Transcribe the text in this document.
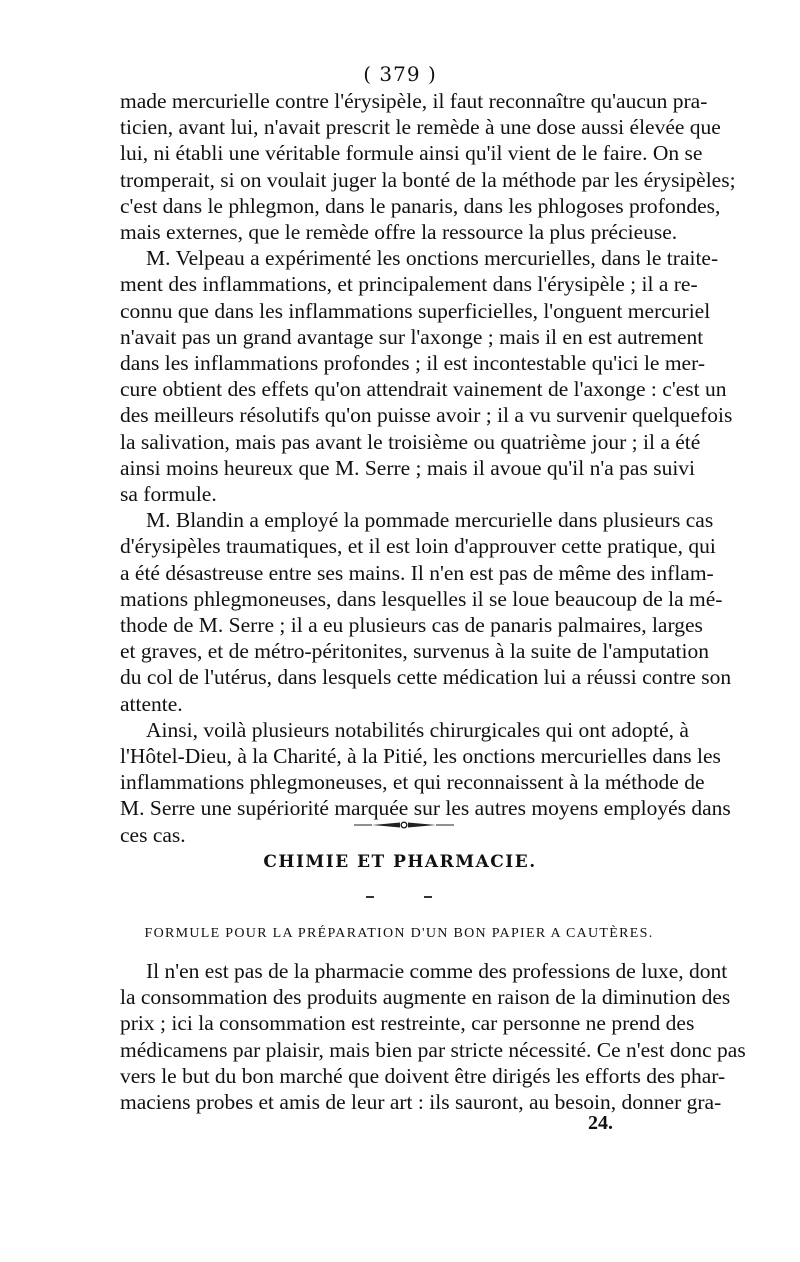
( 379 )
made mercurielle contre l'érysipèle, il faut reconnaître qu'aucun pra-
ticien, avant lui, n'avait prescrit le remède à une dose aussi élevée que
lui, ni établi une véritable formule ainsi qu'il vient de le faire. On se
tromperait, si on voulait juger la bonté de la méthode par les érysipèles;
c'est dans le phlegmon, dans le panaris, dans les phlogoses profondes,
mais externes, que le remède offre la ressource la plus précieuse.
M. Velpeau a expérimenté les onctions mercurielles, dans le traite-
ment des inflammations, et principalement dans l'érysipèle ; il a re-
connu que dans les inflammations superficielles, l'onguent mercuriel
n'avait pas un grand avantage sur l'axonge ; mais il en est autrement
dans les inflammations profondes ; il est incontestable qu'ici le mer-
cure obtient des effets qu'on attendrait vainement de l'axonge : c'est un
des meilleurs résolutifs qu'on puisse avoir ; il a vu survenir quelquefois
la salivation, mais pas avant le troisième ou quatrième jour ; il a été
ainsi moins heureux que M. Serre ; mais il avoue qu'il n'a pas suivi
sa formule.
M. Blandin a employé la pommade mercurielle dans plusieurs cas
d'érysipèles traumatiques, et il est loin d'approuver cette pratique, qui
a été désastreuse entre ses mains. Il n'en est pas de même des inflam-
mations phlegmoneuses, dans lesquelles il se loue beaucoup de la mé-
thode de M. Serre ; il a eu plusieurs cas de panaris palmaires, larges
et graves, et de métro-péritonites, survenus à la suite de l'amputation
du col de l'utérus, dans lesquels cette médication lui a réussi contre son
attente.
Ainsi, voilà plusieurs notabilités chirurgicales qui ont adopté, à
l'Hôtel-Dieu, à la Charité, à la Pitié, les onctions mercurielles dans les
inflammations phlegmoneuses, et qui reconnaissent à la méthode de
M. Serre une supériorité marquée sur les autres moyens employés dans
ces cas.
CHIMIE ET PHARMACIE.
FORMULE POUR LA PRÉPARATION D'UN BON PAPIER A CAUTÈRES.
Il n'en est pas de la pharmacie comme des professions de luxe, dont
la consommation des produits augmente en raison de la diminution des
prix ; ici la consommation est restreinte, car personne ne prend des
médicamens par plaisir, mais bien par stricte nécessité. Ce n'est donc pas
vers le but du bon marché que doivent être dirigés les efforts des phar-
maciens probes et amis de leur art : ils sauront, au besoin, donner gra-
24.
